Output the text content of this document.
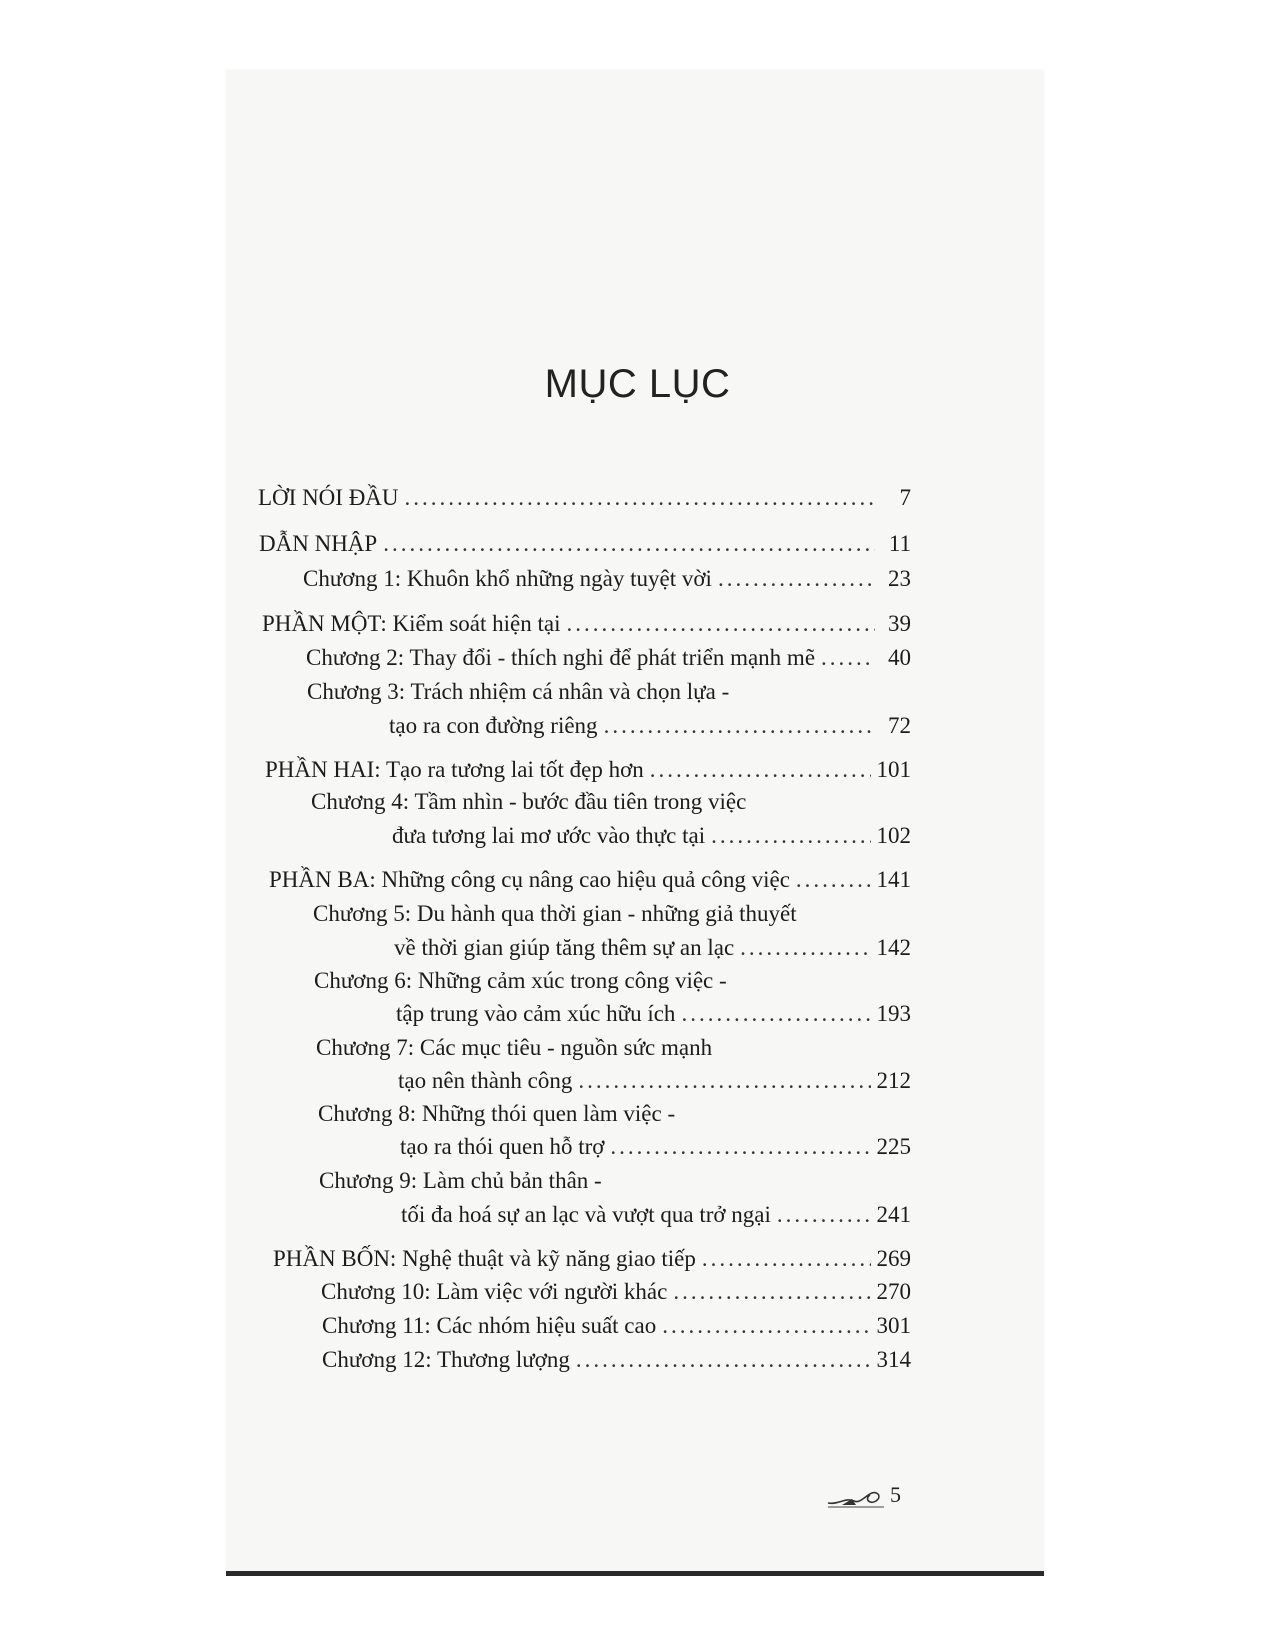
MỤC LỤC
LỜI NÓI ĐẦU .....	7
DẪN NHẬP .....	11
Chương 1: Khuôn khổ những ngày tuyệt vời .....	23
PHẦN MỘT: Kiểm soát hiện tại .....	39
Chương 2: Thay đổi - thích nghi để phát triển mạnh mẽ .....	40
Chương 3: Trách nhiệm cá nhân và chọn lựa -
tạo ra con đường riêng .....	72
PHẦN HAI: Tạo ra tương lai tốt đẹp hơn .....	101
Chương 4: Tầm nhìn - bước đầu tiên trong việc
đưa tương lai mơ ước vào thực tại .....	102
PHẦN BA: Những công cụ nâng cao hiệu quả công việc .....	141
Chương 5: Du hành qua thời gian - những giả thuyết
về thời gian giúp tăng thêm sự an lạc .....	142
Chương 6: Những cảm xúc trong công việc -
tập trung vào cảm xúc hữu ích .....	193
Chương 7: Các mục tiêu - nguồn sức mạnh
tạo nên thành công .....	212
Chương 8: Những thói quen làm việc -
tạo ra thói quen hỗ trợ .....	225
Chương 9: Làm chủ bản thân -
tối đa hoá sự an lạc và vượt qua trở ngại .....	241
PHẦN BỐN: Nghệ thuật và kỹ năng giao tiếp .....	269
Chương 10: Làm việc với người khác .....	270
Chương 11: Các nhóm hiệu suất cao .....	301
Chương 12: Thương lượng .....	314
5
